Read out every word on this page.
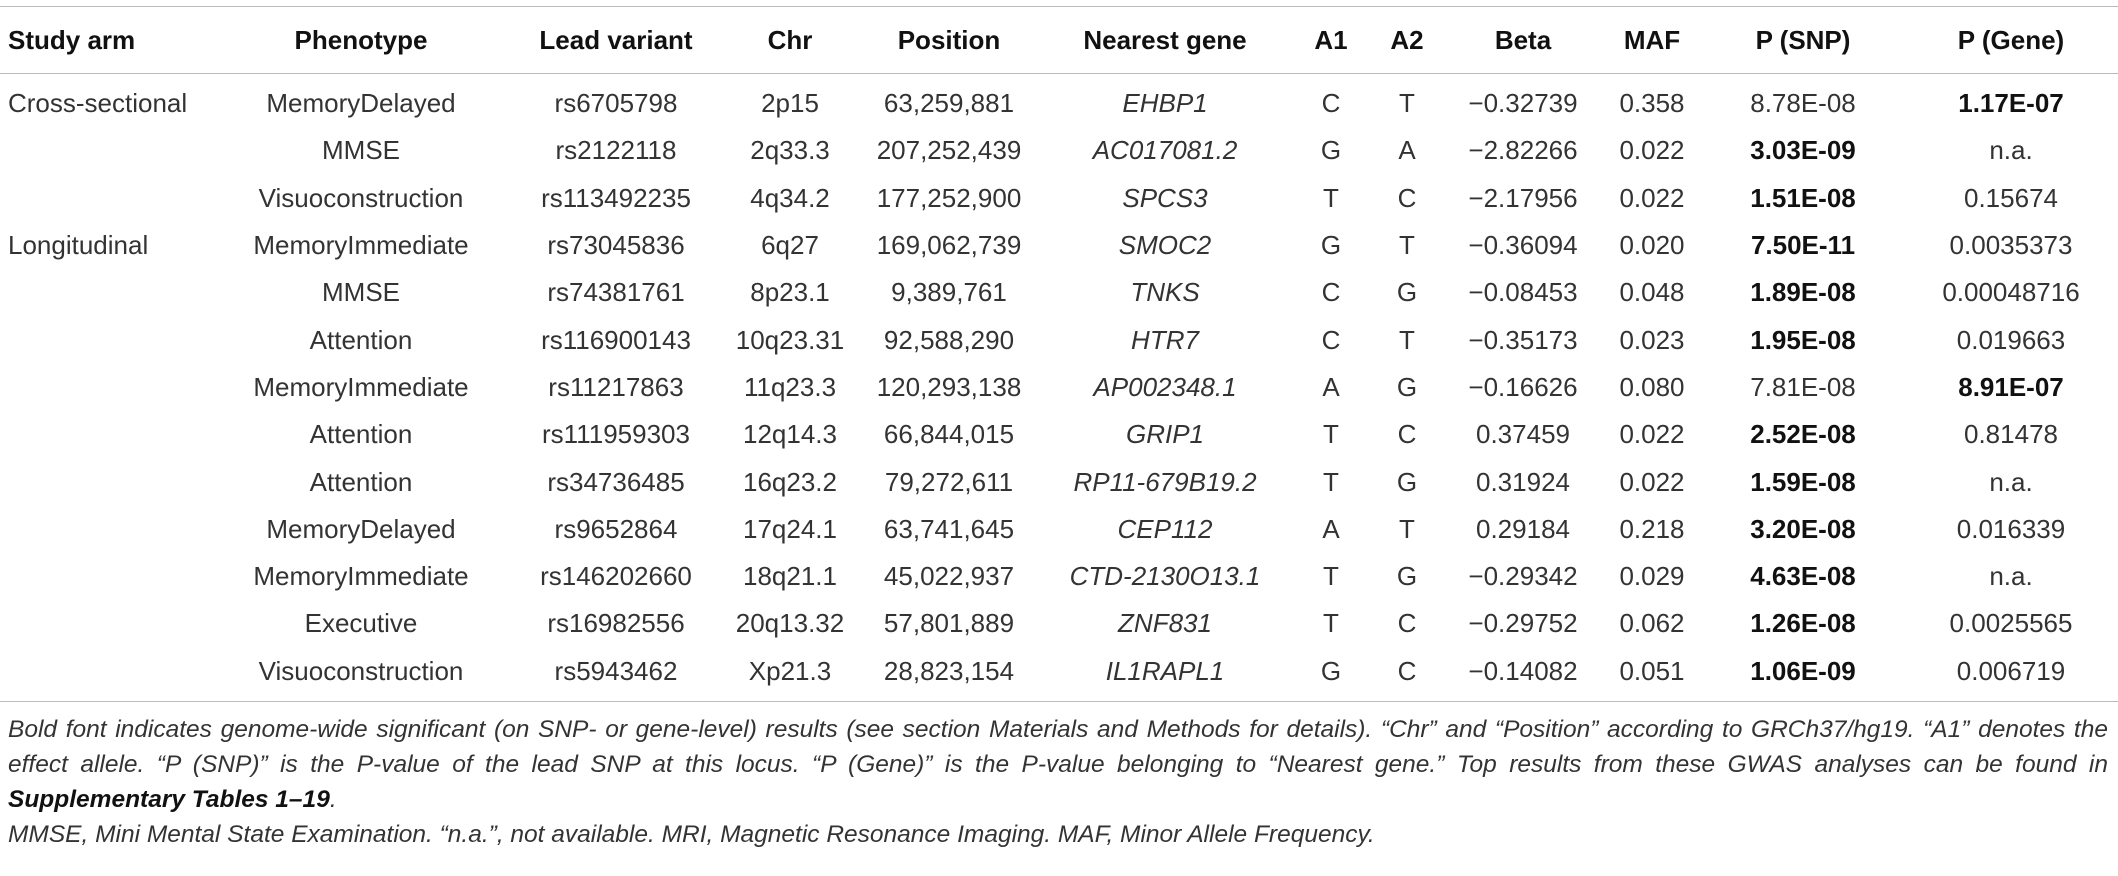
Study arm	Phenotype	Lead variant	Chr	Position	Nearest gene	A1	A2	Beta	MAF	P (SNP)	P (Gene)
Cross-sectional	MemoryDelayed	rs6705798	2p15	63,259,881	EHBP1	C	T	−0.32739	0.358	8.78E-08	1.17E-07
	MMSE	rs2122118	2q33.3	207,252,439	AC017081.2	G	A	−2.82266	0.022	3.03E-09	n.a.
	Visuoconstruction	rs113492235	4q34.2	177,252,900	SPCS3	T	C	−2.17956	0.022	1.51E-08	0.15674
Longitudinal	MemoryImmediate	rs73045836	6q27	169,062,739	SMOC2	G	T	−0.36094	0.020	7.50E-11	0.0035373
	MMSE	rs74381761	8p23.1	9,389,761	TNKS	C	G	−0.08453	0.048	1.89E-08	0.00048716
	Attention	rs116900143	10q23.31	92,588,290	HTR7	C	T	−0.35173	0.023	1.95E-08	0.019663
	MemoryImmediate	rs11217863	11q23.3	120,293,138	AP002348.1	A	G	−0.16626	0.080	7.81E-08	8.91E-07
	Attention	rs111959303	12q14.3	66,844,015	GRIP1	T	C	0.37459	0.022	2.52E-08	0.81478
	Attention	rs34736485	16q23.2	79,272,611	RP11-679B19.2	T	G	0.31924	0.022	1.59E-08	n.a.
	MemoryDelayed	rs9652864	17q24.1	63,741,645	CEP112	A	T	0.29184	0.218	3.20E-08	0.016339
	MemoryImmediate	rs146202660	18q21.1	45,022,937	CTD-2130O13.1	T	G	−0.29342	0.029	4.63E-08	n.a.
	Executive	rs16982556	20q13.32	57,801,889	ZNF831	T	C	−0.29752	0.062	1.26E-08	0.0025565
	Visuoconstruction	rs5943462	Xp21.3	28,823,154	IL1RAPL1	G	C	−0.14082	0.051	1.06E-09	0.006719

Bold font indicates genome-wide significant (on SNP- or gene-level) results (see section Materials and Methods for details). “Chr” and “Position” according to GRCh37/hg19. “A1” denotes the effect allele. “P (SNP)” is the P-value of the lead SNP at this locus. “P (Gene)” is the P-value belonging to “Nearest gene.” Top results from these GWAS analyses can be found in Supplementary Tables 1–19.

MMSE, Mini Mental State Examination. “n.a.”, not available. MRI, Magnetic Resonance Imaging. MAF, Minor Allele Frequency.
